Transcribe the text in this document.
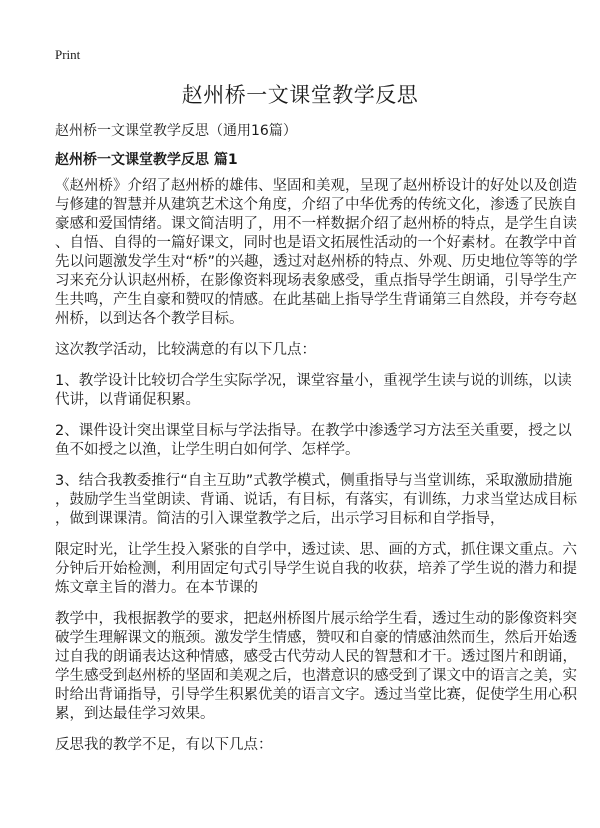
Print
赵州桥一文课堂教学反思
赵州桥一文课堂教学反思（通用16篇）
赵州桥一文课堂教学反思 篇1

《赵州桥》介绍了赵州桥的雄伟、坚固和美观，呈现了赵州桥设计的好处以及创造
与修建的智慧并从建筑艺术这个角度，介绍了中华优秀的传统文化，渗透了民族自
豪感和爱国情绪。课文简洁明了，用不一样数据介绍了赵州桥的特点，是学生自读
、自悟、自得的一篇好课文，同时也是语文拓展性活动的一个好素材。在教学中首
先以问题激发学生对“桥”的兴趣，透过对赵州桥的特点、外观、历史地位等等的学
习来充分认识赵州桥，在影像资料现场表象感受，重点指导学生朗诵，引导学生产
生共鸣，产生自豪和赞叹的情感。在此基础上指导学生背诵第三自然段，并夸夸赵
州桥，以到达各个教学目标。

这次教学活动，比较满意的有以下几点：

1、教学设计比较切合学生实际学况，课堂容量小，重视学生读与说的训练，以读
代讲，以背诵促积累。

2、课件设计突出课堂目标与学法指导。在教学中渗透学习方法至关重要，授之以
鱼不如授之以渔，让学生明白如何学、怎样学。

3、结合我教委推行“自主互助”式教学模式，侧重指导与当堂训练，采取激励措施
，鼓励学生当堂朗读、背诵、说话，有目标，有落实，有训练，力求当堂达成目标
，做到课课清。简洁的引入课堂教学之后，出示学习目标和自学指导，

限定时光，让学生投入紧张的自学中，透过读、思、画的方式，抓住课文重点。六
分钟后开始检测，利用固定句式引导学生说自我的收获，培养了学生说的潜力和提
炼文章主旨的潜力。在本节课的

教学中，我根据教学的要求，把赵州桥图片展示给学生看，透过生动的影像资料突
破学生理解课文的瓶颈。激发学生情感，赞叹和自豪的情感油然而生，然后开始透
过自我的朗诵表达这种情感，感受古代劳动人民的智慧和才干。透过图片和朗诵，
学生感受到赵州桥的坚固和美观之后，也潜意识的感受到了课文中的语言之美，实
时给出背诵指导，引导学生积累优美的语言文字。透过当堂比赛，促使学生用心积
累，到达最佳学习效果。

反思我的教学不足，有以下几点：
